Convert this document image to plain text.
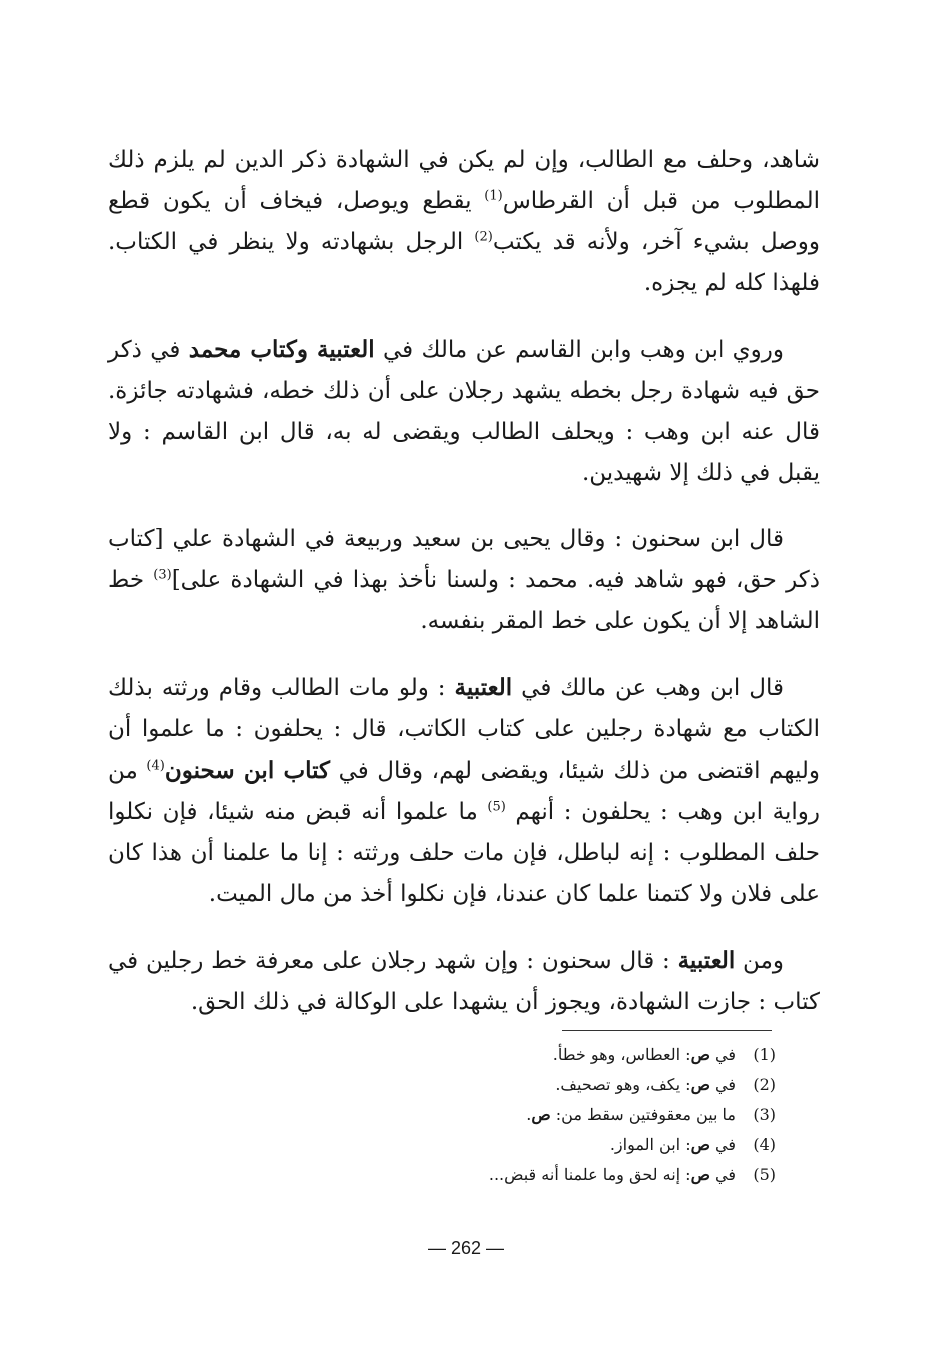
شاهد، وحلف مع الطالب، وإن لم يكن في الشهادة ذكر الدين لم يلزم ذلك المطلوب من قبل أن القرطاس$^{(1)}$ يقطع ويوصل، فيخاف أن يكون قطع ووصل بشيء آخر، ولأنه قد يكتب$^{(2)}$ الرجل بشهادته ولا ينظر في الكتاب. فلهذا كله لم يجزه.

وروي ابن وهب وابن القاسم عن مالك في العتبية وكتاب محمد في ذكر حق فيه شهادة رجل بخطه يشهد رجلان على أن ذلك خطه، فشهادته جائزة. قال عنه ابن وهب : ويحلف الطالب ويقضى له به، قال ابن القاسم : ولا يقبل في ذلك إلا شهيدين.

قال ابن سحنون : وقال يحيى بن سعيد وربيعة في الشهادة علي [كتاب ذكر حق، فهو شاهد فيه. محمد : ولسنا نأخذ بهذا في الشهادة على]$^{(3)}$ خط الشاهد إلا أن يكون على خط المقر بنفسه.

قال ابن وهب عن مالك في العتبية : ولو مات الطالب وقام ورثته بذلك الكتاب مع شهادة رجلين على كتاب الكاتب، قال : يحلفون : ما علموا أن وليهم اقتضى من ذلك شيئا، ويقضى لهم، وقال في كتاب ابن سحنون$^{(4)}$ من رواية ابن وهب : يحلفون : أنهم $^{(5)}$ ما علموا أنه قبض منه شيئا، فإن نكلوا حلف المطلوب : إنه لباطل، فإن مات حلف ورثته : إنا ما علمنا أن هذا كان على فلان ولا كتمنا علما كان عندنا، فإن نكلوا أخذ من مال الميت.

ومن العتبية : قال سحنون : وإن شهد رجلان على معرفة خط رجلين في كتاب : جازت الشهادة، ويجوز أن يشهدا على الوكالة في ذلك الحق.

(1)
في ص: العطاس، وهو خطأ.
(2)
في ص: يكف، وهو تصحيف.
(3)
ما بين معقوفتين سقط من: ص.
(4)
في ص: ابن المواز.
(5)
في ص: إنه لحق وما علمنا أنه قبض...
— 262 —
